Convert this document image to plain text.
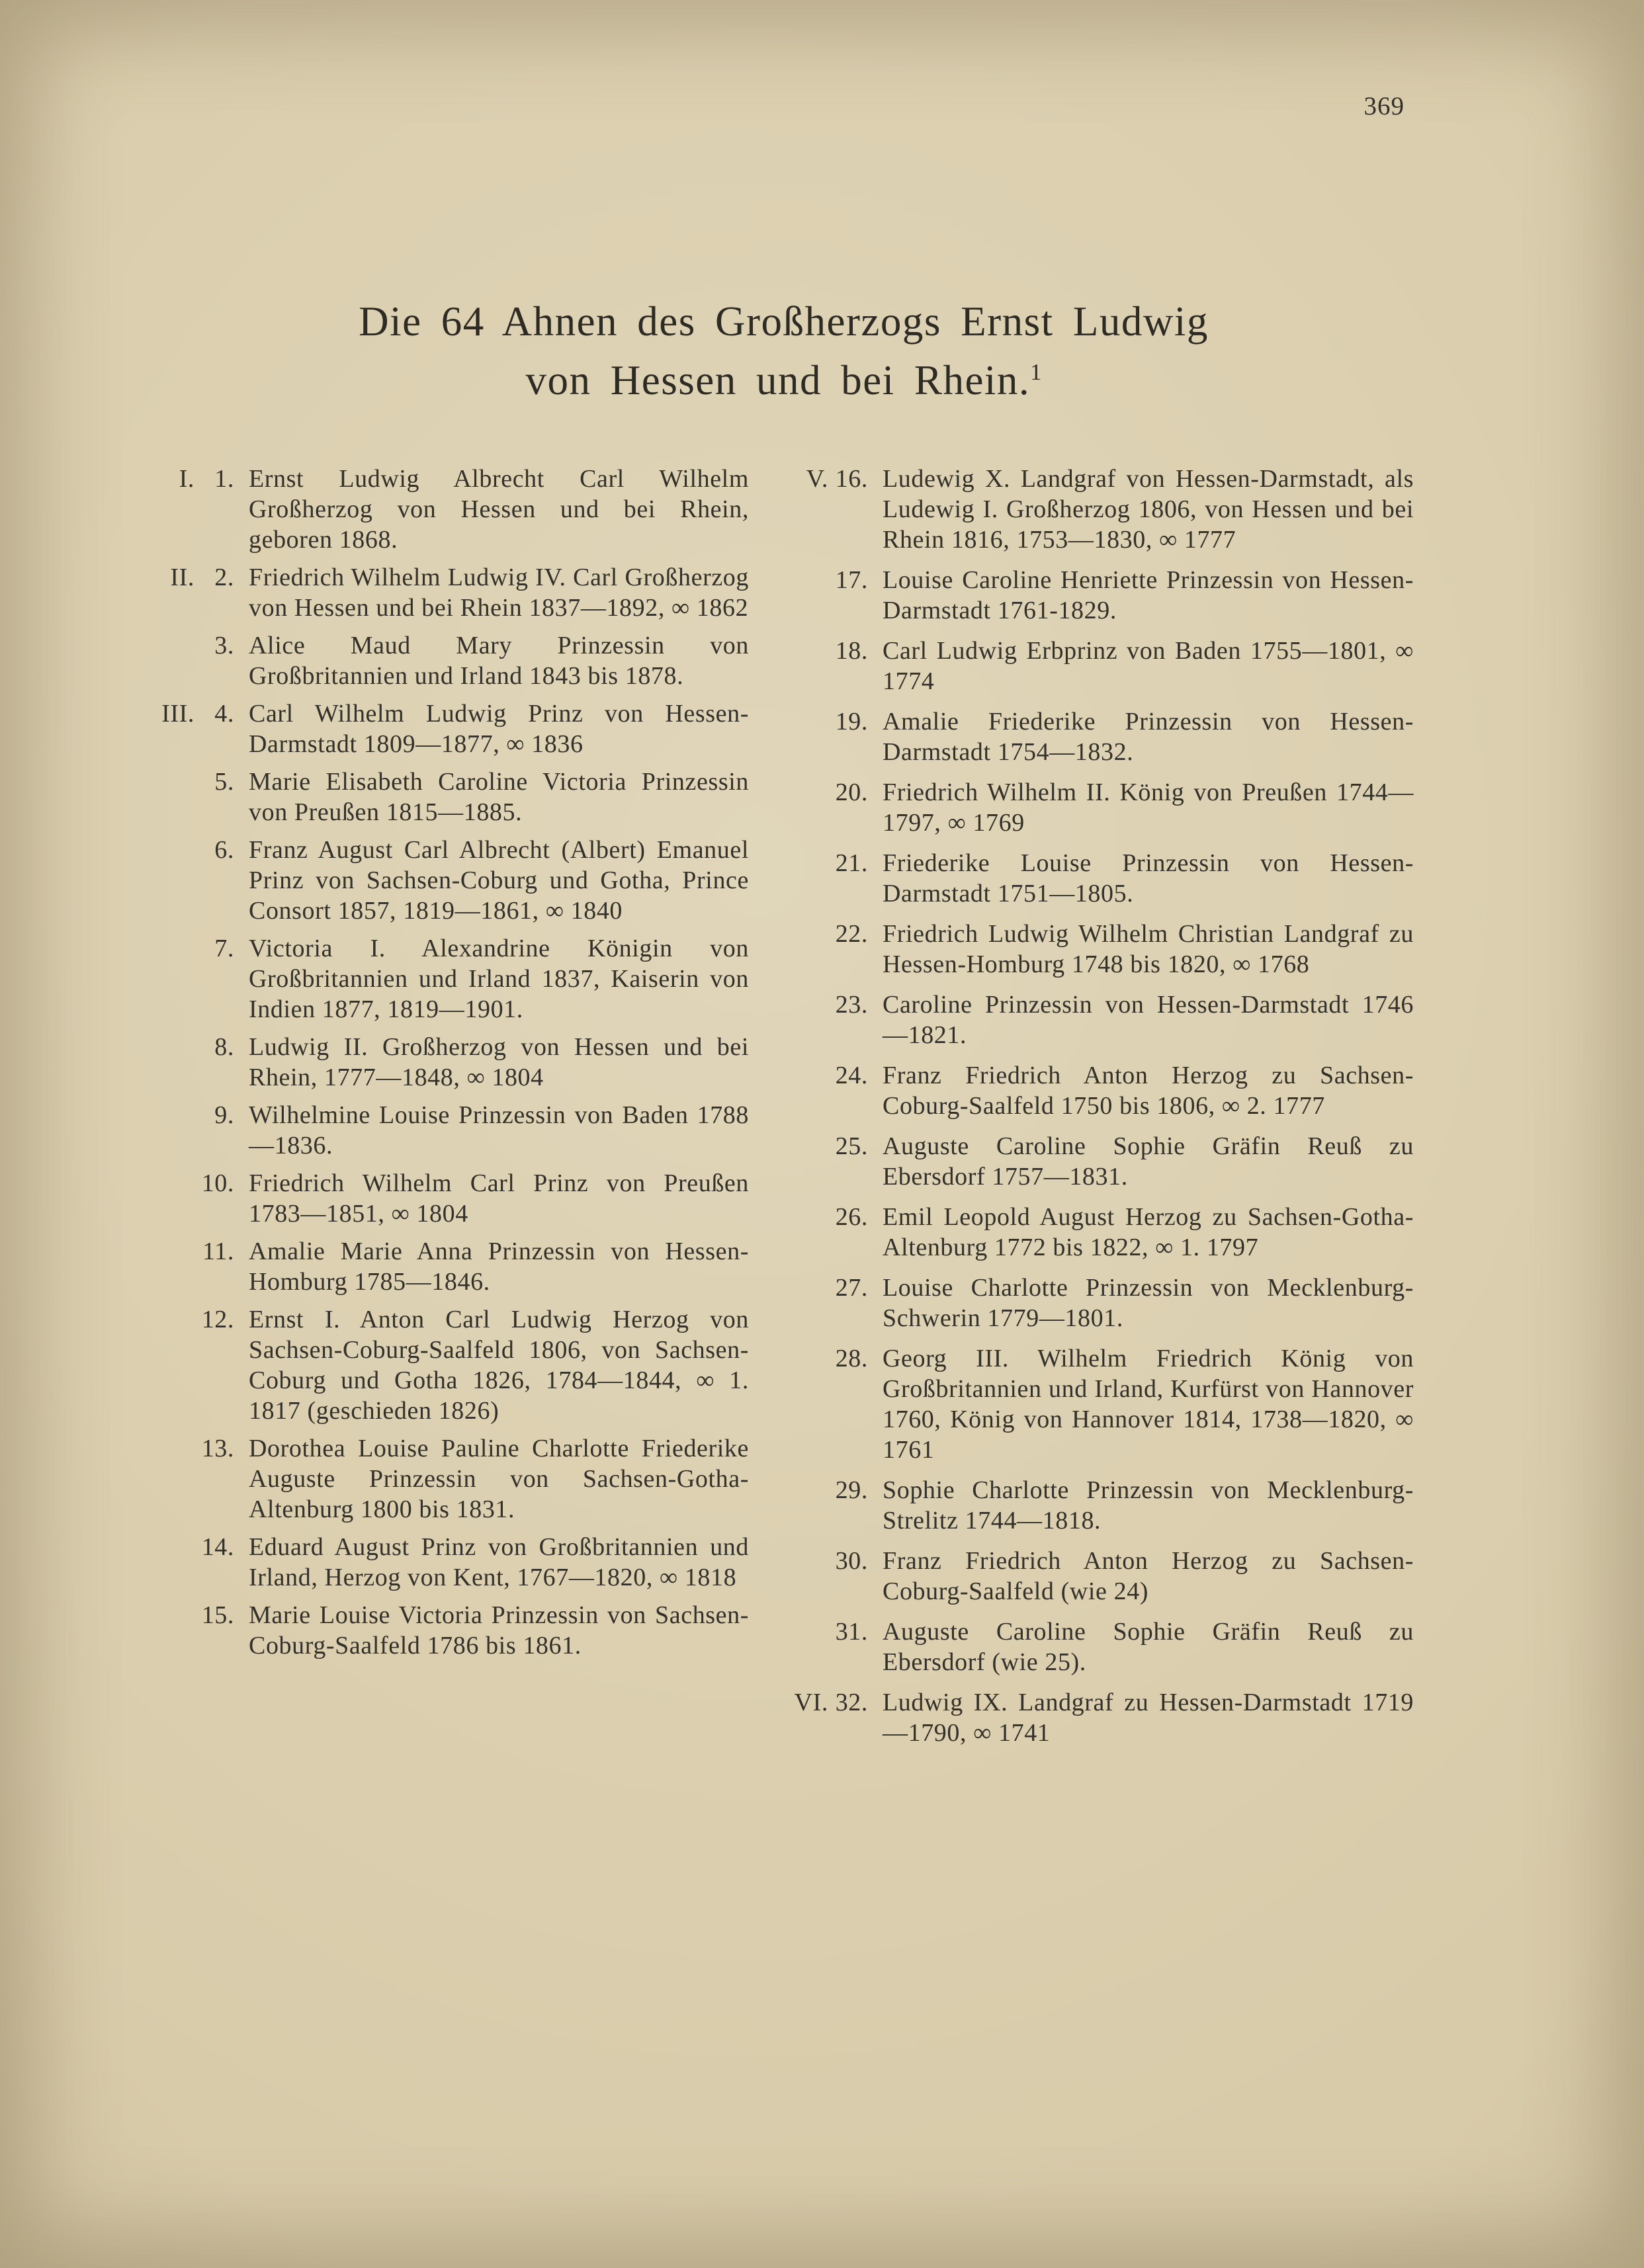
369
Die 64 Ahnen des Großherzogs Ernst Ludwig
von Hessen und bei Rhein.$^1$
I. 1. Ernst Ludwig Albrecht Carl Wilhelm Großherzog von Hessen und bei Rhein, geboren 1868.
II. 2. Friedrich Wilhelm Ludwig IV. Carl Großherzog von Hessen und bei Rhein 1837—1892, ∞ 1862
3. Alice Maud Mary Prinzessin von Großbritannien und Irland 1843 bis 1878.
III. 4. Carl Wilhelm Ludwig Prinz von Hessen-Darmstadt 1809—1877, ∞ 1836
5. Marie Elisabeth Caroline Victoria Prinzessin von Preußen 1815—1885.
6. Franz August Carl Albrecht (Albert) Emanuel Prinz von Sachsen-Coburg und Gotha, Prince Consort 1857, 1819—1861, ∞ 1840
7. Victoria I. Alexandrine Königin von Großbritannien und Irland 1837, Kaiserin von Indien 1877, 1819—1901.
8. Ludwig II. Großherzog von Hessen und bei Rhein, 1777—1848, ∞ 1804
9. Wilhelmine Louise Prinzessin von Baden 1788—1836.
10. Friedrich Wilhelm Carl Prinz von Preußen 1783—1851, ∞ 1804
11. Amalie Marie Anna Prinzessin von Hessen-Homburg 1785—1846.
12. Ernst I. Anton Carl Ludwig Herzog von Sachsen-Coburg-Saalfeld 1806, von Sachsen-Coburg und Gotha 1826, 1784—1844, ∞ 1. 1817 (geschieden 1826)
13. Dorothea Louise Pauline Charlotte Friederike Auguste Prinzessin von Sachsen-Gotha-Altenburg 1800 bis 1831.
14. Eduard August Prinz von Großbritannien und Irland, Herzog von Kent, 1767—1820, ∞ 1818
15. Marie Louise Victoria Prinzessin von Sachsen-Coburg-Saalfeld 1786 bis 1861.
V. 16. Ludewig X. Landgraf von Hessen-Darmstadt, als Ludewig I. Großherzog 1806, von Hessen und bei Rhein 1816, 1753—1830, ∞ 1777
17. Louise Caroline Henriette Prinzessin von Hessen-Darmstadt 1761-1829.
18. Carl Ludwig Erbprinz von Baden 1755—1801, ∞ 1774
19. Amalie Friederike Prinzessin von Hessen-Darmstadt 1754—1832.
20. Friedrich Wilhelm II. König von Preußen 1744—1797, ∞ 1769
21. Friederike Louise Prinzessin von Hessen-Darmstadt 1751—1805.
22. Friedrich Ludwig Wilhelm Christian Landgraf zu Hessen-Homburg 1748 bis 1820, ∞ 1768
23. Caroline Prinzessin von Hessen-Darmstadt 1746—1821.
24. Franz Friedrich Anton Herzog zu Sachsen-Coburg-Saalfeld 1750 bis 1806, ∞ 2. 1777
25. Auguste Caroline Sophie Gräfin Reuß zu Ebersdorf 1757—1831.
26. Emil Leopold August Herzog zu Sachsen-Gotha-Altenburg 1772 bis 1822, ∞ 1. 1797
27. Louise Charlotte Prinzessin von Mecklenburg-Schwerin 1779—1801.
28. Georg III. Wilhelm Friedrich König von Großbritannien und Irland, Kurfürst von Hannover 1760, König von Hannover 1814, 1738—1820, ∞ 1761
29. Sophie Charlotte Prinzessin von Mecklenburg-Strelitz 1744—1818.
30. Franz Friedrich Anton Herzog zu Sachsen-Coburg-Saalfeld (wie 24)
31. Auguste Caroline Sophie Gräfin Reuß zu Ebersdorf (wie 25).
VI. 32. Ludwig IX. Landgraf zu Hessen-Darmstadt 1719—1790, ∞ 1741
